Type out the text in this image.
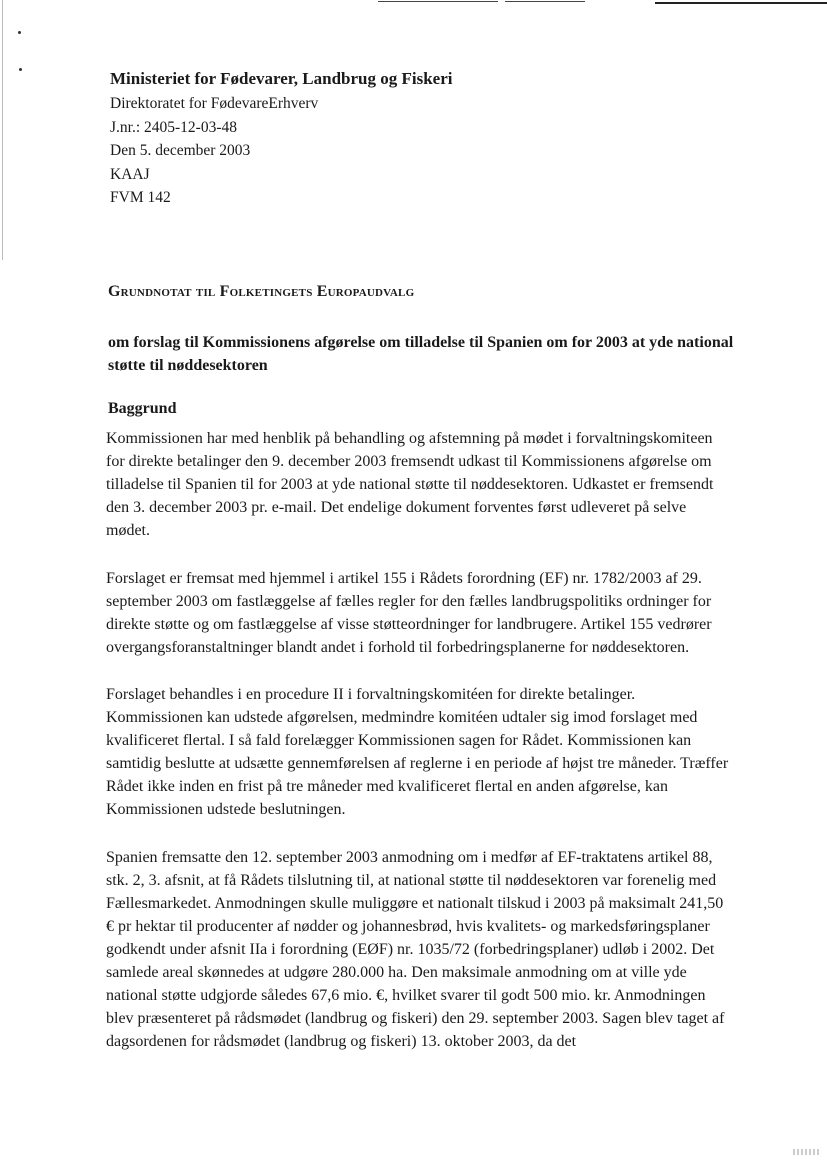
Ministeriet for Fødevarer, Landbrug og Fiskeri
Direktoratet for FødevareErhverv
J.nr.: 2405-12-03-48
Den 5. december 2003
KAAJ
FVM 142
Grundnotat til Folketingets Europaudvalg
om forslag til Kommissionens afgørelse om tilladelse til Spanien om for 2003 at yde national støtte til nøddesektoren
Baggrund
Kommissionen har med henblik på behandling og afstemning på mødet i forvaltningskomiteen for direkte betalinger den 9. december 2003 fremsendt udkast til Kommissionens afgørelse om tilladelse til Spanien til for 2003 at yde national støtte til nøddesektoren. Udkastet er fremsendt den 3. december 2003 pr. e-mail. Det endelige dokument forventes først udleveret på selve mødet.
Forslaget er fremsat med hjemmel i artikel 155 i Rådets forordning (EF) nr. 1782/2003 af 29. september 2003 om fastlæggelse af fælles regler for den fælles landbrugspolitiks ordninger for direkte støtte og om fastlæggelse af visse støtteordninger for landbrugere. Artikel 155 vedrører overgangsforanstaltninger blandt andet i forhold til forbedringsplanerne for nøddesektoren.
Forslaget behandles i en procedure II i forvaltningskomitéen for direkte betalinger. Kommissionen kan udstede afgørelsen, medmindre komitéen udtaler sig imod forslaget med kvalificeret flertal. I så fald forelægger Kommissionen sagen for Rådet. Kommissionen kan samtidig beslutte at udsætte gennemførelsen af reglerne i en periode af højst tre måneder. Træffer Rådet ikke inden en frist på tre måneder med kvalificeret flertal en anden afgørelse, kan Kommissionen udstede beslutningen.
Spanien fremsatte den 12. september 2003 anmodning om i medfør af EF-traktatens artikel 88, stk. 2, 3. afsnit, at få Rådets tilslutning til, at national støtte til nøddesektoren var forenelig med Fællesmarkedet. Anmodningen skulle muliggøre et nationalt tilskud i 2003 på maksimalt 241,50 € pr hektar til producenter af nødder og johannesbrød, hvis kvalitets- og markedsføringsplaner godkendt under afsnit IIa i forordning (EØF) nr. 1035/72 (forbedringsplaner) udløb i 2002. Det samlede areal skønnedes at udgøre 280.000 ha. Den maksimale anmodning om at ville yde national støtte udgjorde således 67,6 mio. €, hvilket svarer til godt 500 mio. kr. Anmodningen blev præsenteret på rådsmødet (landbrug og fiskeri) den 29. september 2003. Sagen blev taget af dagsordenen for rådsmødet (landbrug og fiskeri) 13. oktober 2003, da det
